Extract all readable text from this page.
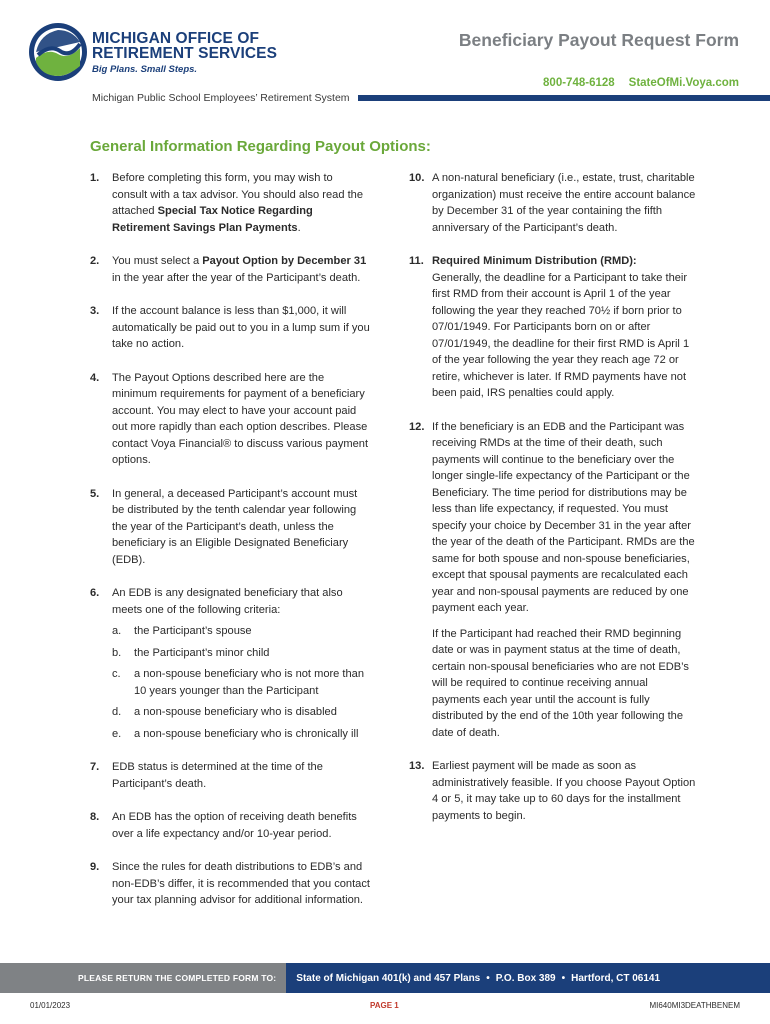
MICHIGAN OFFICE OF
RETIREMENT SERVICES
Big Plans. Small Steps.
Beneficiary Payout Request Form
800-748-6128 StateOfMi.Voya.com
Michigan Public School Employees’ Retirement System
General Information Regarding Payout Options:
1.	Before completing this form, you may wish to consult with a tax advisor. You should also read the attached Special Tax Notice Regarding Retirement Savings Plan Payments.
2.	You must select a Payout Option by December 31 in the year after the year of the Participant’s death.
3.	If the account balance is less than $1,000, it will automatically be paid out to you in a lump sum if you take no action.
4.	The Payout Options described here are the minimum requirements for payment of a beneficiary account. You may elect to have your account paid out more rapidly than each option describes. Please contact Voya Financial® to discuss various payment options.
5.	In general, a deceased Participant’s account must be distributed by the tenth calendar year following the year of the Participant’s death, unless the beneficiary is an Eligible Designated Beneficiary (EDB).
6.	An EDB is any designated beneficiary that also meets one of the following criteria:
a.	the Participant’s spouse
b.	the Participant’s minor child
c.	a non-spouse beneficiary who is not more than 10 years younger than the Participant
d.	a non-spouse beneficiary who is disabled
e.	a non-spouse beneficiary who is chronically ill
7.	EDB status is determined at the time of the Participant’s death.
8.	An EDB has the option of receiving death benefits over a life expectancy and/or 10-year period.
9.	Since the rules for death distributions to EDB’s and non-EDB’s differ, it is recommended that you contact your tax planning advisor for additional information.
10. A non-natural beneficiary (i.e., estate, trust, charitable organization) must receive the entire account balance by December 31 of the year containing the fifth anniversary of the Participant’s death.
11. Required Minimum Distribution (RMD):
Generally, the deadline for a Participant to take their first RMD from their account is April 1 of the year following the year they reached 70½ if born prior to 07/01/1949. For Participants born on or after 07/01/1949, the deadline for their first RMD is April 1 of the year following the year they reach age 72 or retire, whichever is later. If RMD payments have not been paid, IRS penalties could apply.
12. If the beneficiary is an EDB and the Participant was receiving RMDs at the time of their death, such payments will continue to the beneficiary over the longer single-life expectancy of the Participant or the Beneficiary. The time period for distributions may be less than life expectancy, if requested. You must specify your choice by December 31 in the year after the year of the death of the Participant. RMDs are the same for both spouse and non-spouse beneficiaries, except that spousal payments are recalculated each year and non-spousal payments are reduced by one payment each year.
If the Participant had reached their RMD beginning date or was in payment status at the time of death, certain non-spousal beneficiaries who are not EDB’s will be required to continue receiving annual payments each year until the account is fully distributed by the end of the 10th year following the date of death.
13. Earliest payment will be made as soon as administratively feasible. If you choose Payout Option 4 or 5, it may take up to 60 days for the installment payments to begin.
PLEASE RETURN THE COMPLETED FORM TO:	State of Michigan 401(k) and 457 Plans • P.O. Box 389 • Hartford, CT 06141
01/01/2023	PAGE 1	MI640MI3DEATHBENEM
